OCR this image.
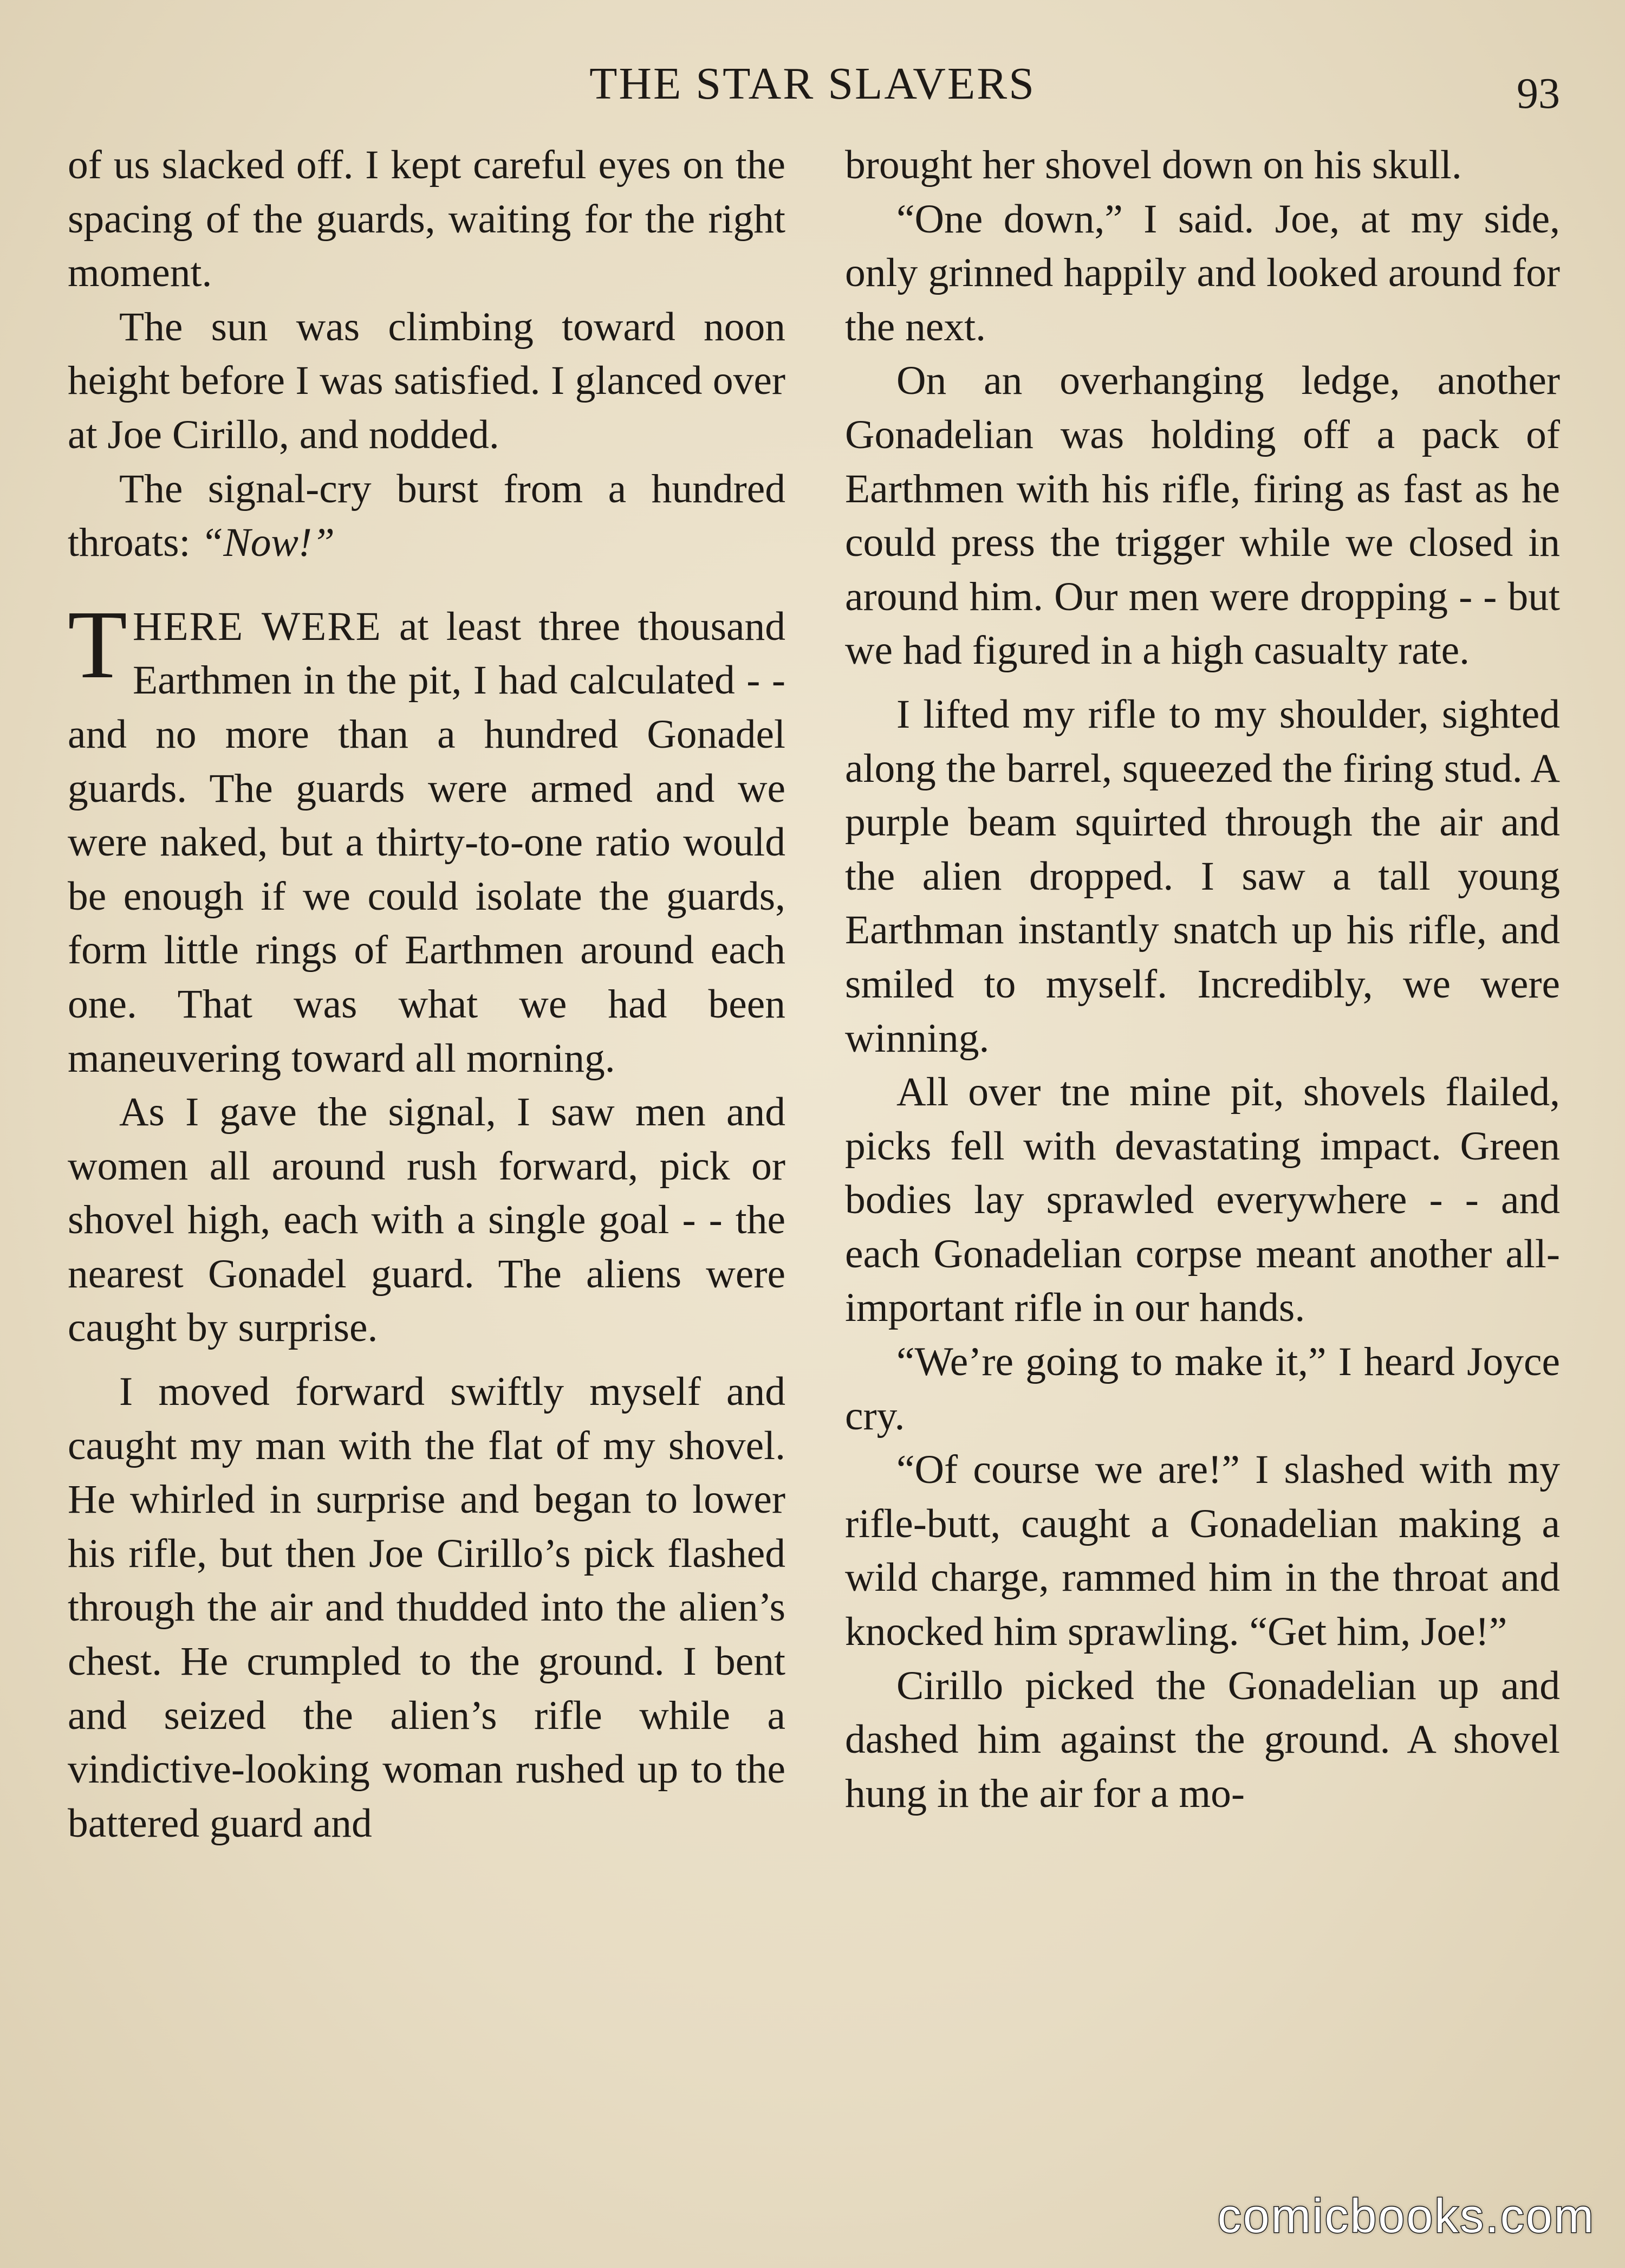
THE STAR SLAVERS	93

of us slacked off. I kept careful eyes on the spacing of the guards, waiting for the right moment.

The sun was climbing toward noon height before I was satisfied. I glanced over at Joe Cirillo, and nodded.

The signal-cry burst from a hundred throats: “Now!”

THERE WERE at least three thousand Earthmen in the pit, I had calculated - - and no more than a hundred Gonadel guards. The guards were armed and we were naked, but a thirty-to-one ratio would be enough if we could isolate the guards, form little rings of Earthmen around each one. That was what we had been maneuvering toward all morning.

As I gave the signal, I saw men and women all around rush forward, pick or shovel high, each with a single goal - - the nearest Gonadel guard. The aliens were caught by surprise.

I moved forward swiftly myself and caught my man with the flat of my shovel. He whirled in surprise and began to lower his rifle, but then Joe Cirillo’s pick flashed through the air and thudded into the alien’s chest. He crumpled to the ground. I bent and seized the alien’s rifle while a vindictive-looking woman rushed up to the battered guard and

brought her shovel down on his skull.

“One down,” I said. Joe, at my side, only grinned happily and looked around for the next.

On an overhanging ledge, another Gonadelian was holding off a pack of Earthmen with his rifle, firing as fast as he could press the trigger while we closed in around him. Our men were dropping - - but we had figured in a high casualty rate.

I lifted my rifle to my shoulder, sighted along the barrel, squeezed the firing stud. A purple beam squirted through the air and the alien dropped. I saw a tall young Earthman instantly snatch up his rifle, and smiled to myself. Incredibly, we were winning.

All over tne mine pit, shovels flailed, picks fell with devastating impact. Green bodies lay sprawled everywhere - - and each Gonadelian corpse meant another all-important rifle in our hands.

“We’re going to make it,” I heard Joyce cry.

“Of course we are!” I slashed with my rifle-butt, caught a Gonadelian making a wild charge, rammed him in the throat and knocked him sprawling. “Get him, Joe!”

Cirillo picked the Gonadelian up and dashed him against the ground. A shovel hung in the air for a mo-

comicbooks.com
